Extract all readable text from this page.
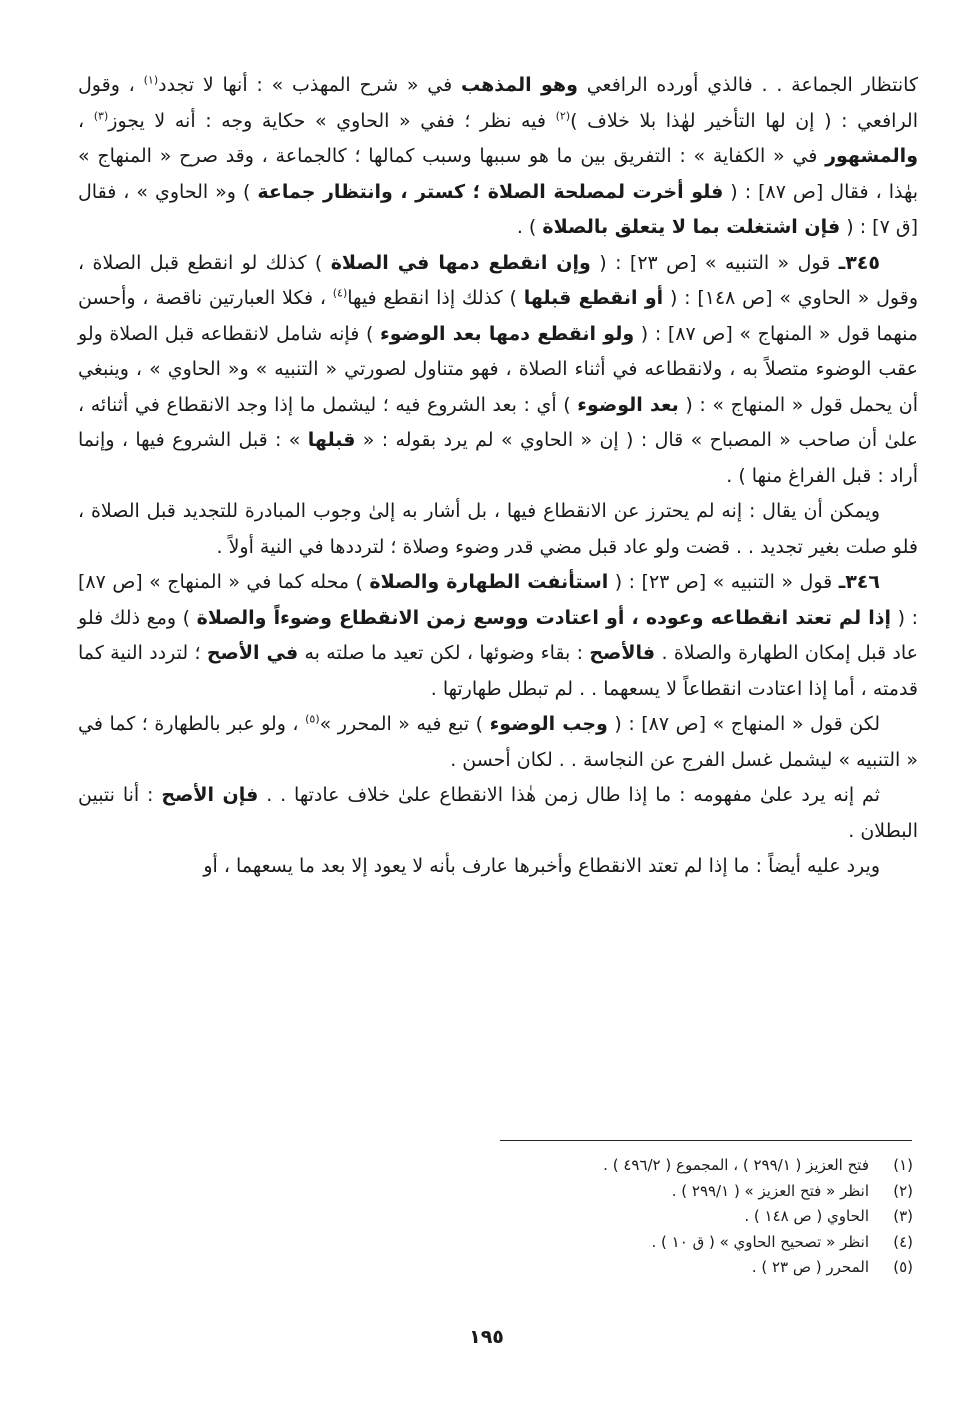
كانتظار الجماعة . . فالذي أورده الرافعي وهو المذهب في « شرح المهذب » : أنها لا تجدد$^{(١)}$ ، وقول الرافعي : ( إن لها التأخير لهٰذا بلا خلاف )$^{(٢)}$ فيه نظر ؛ ففي « الحاوي » حكاية وجه : أنه لا يجوز$^{(٣)}$ ، والمشهور في « الكفاية » : التفريق بين ما هو سببها وسبب كمالها ؛ كالجماعة ، وقد صرح « المنهاج » بهٰذا ، فقال [ص ٨٧] : ( فلو أخرت لمصلحة الصلاة ؛ كستر ، وانتظار جماعة ) و« الحاوي » ، فقال [ق ٧] : ( فإن اشتغلت بما لا يتعلق بالصلاة ) .

٣٤٥ـ قول « التنبيه » [ص ٢٣] : ( وإن انقطع دمها في الصلاة ) كذلك لو انقطع قبل الصلاة ، وقول « الحاوي » [ص ١٤٨] : ( أو انقطع قبلها ) كذلك إذا انقطع فيها$^{(٤)}$ ، فكلا العبارتين ناقصة ، وأحسن منهما قول « المنهاج » [ص ٨٧] : ( ولو انقطع دمها بعد الوضوء ) فإنه شامل لانقطاعه قبل الصلاة ولو عقب الوضوء متصلاً به ، ولانقطاعه في أثناء الصلاة ، فهو متناول لصورتي « التنبيه » و« الحاوي » ، وينبغي أن يحمل قول « المنهاج » : ( بعد الوضوء ) أي : بعد الشروع فيه ؛ ليشمل ما إذا وجد الانقطاع في أثنائه ، علىٰ أن صاحب « المصباح » قال : ( إن « الحاوي » لم يرد بقوله : « قبلها » : قبل الشروع فيها ، وإنما أراد : قبل الفراغ منها ) .

ويمكن أن يقال : إنه لم يحترز عن الانقطاع فيها ، بل أشار به إلىٰ وجوب المبادرة للتجديد قبل الصلاة ، فلو صلت بغير تجديد . . قضت ولو عاد قبل مضي قدر وضوء وصلاة ؛ لترددها في النية أولاً .

٣٤٦ـ قول « التنبيه » [ص ٢٣] : ( استأنفت الطهارة والصلاة ) محله كما في « المنهاج » [ص ٨٧] : ( إذا لم تعتد انقطاعه وعوده ، أو اعتادت ووسع زمن الانقطاع وضوءاً والصلاة ) ومع ذلك فلو عاد قبل إمكان الطهارة والصلاة . فالأصح : بقاء وضوئها ، لكن تعيد ما صلته به في الأصح ؛ لتردد النية كما قدمته ، أما إذا اعتادت انقطاعاً لا يسعهما . . لم تبطل طهارتها .

لكن قول « المنهاج » [ص ٨٧] : ( وجب الوضوء ) تبع فيه « المحرر »$^{(٥)}$ ، ولو عبر بالطهارة ؛ كما في « التنبيه » ليشمل غسل الفرج عن النجاسة . . لكان أحسن .

ثم إنه يرد علىٰ مفهومه : ما إذا طال زمن هٰذا الانقطاع علىٰ خلاف عادتها . . فإن الأصح : أنا نتبين البطلان .

ويرد عليه أيضاً : ما إذا لم تعتد الانقطاع وأخبرها عارف بأنه لا يعود إلا بعد ما يسعهما ، أو

(١)
فتح العزيز ( ٢٩٩/١ ) ، المجموع ( ٤٩٦/٢ ) .
(٢)
انظر « فتح العزيز » ( ٢٩٩/١ ) .
(٣)
الحاوي ( ص ١٤٨ ) .
(٤)
انظر « تصحيح الحاوي » ( ق ١٠ ) .
(٥)
المحرر ( ص ٢٣ ) .
١٩٥
